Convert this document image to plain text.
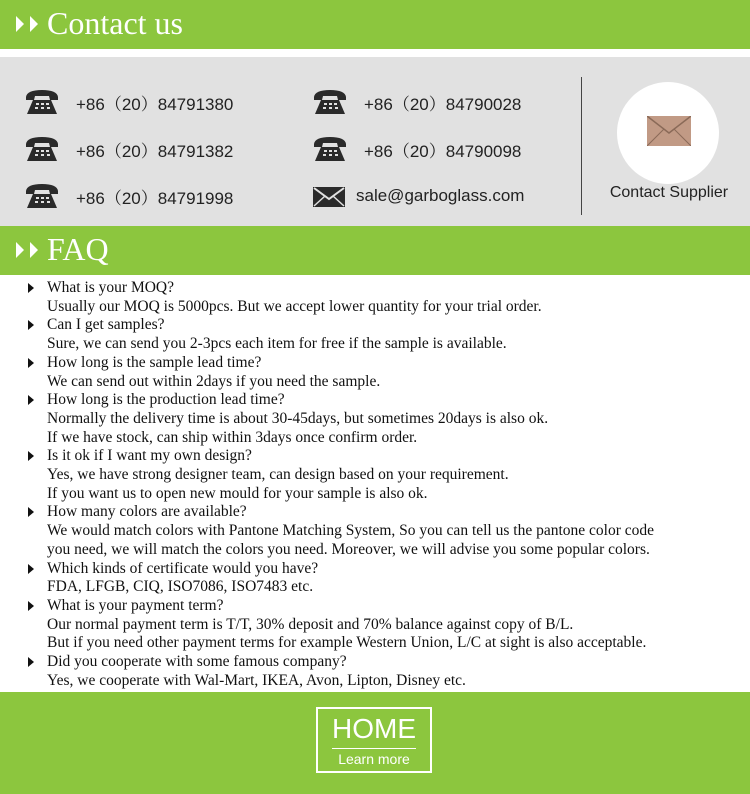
Contact us
+86（20）84791380
+86（20）84791382
+86（20）84791998
+86（20）84790028
+86（20）84790098
sale@garboglass.com	Contact Supplier
FAQ
What is your MOQ?
Usually our MOQ is 5000pcs. But we accept lower quantity for your trial order.
Can I get samples?
Sure, we can send you 2-3pcs each item for free if the sample is available.
How long is the sample lead time?
We can send out within 2days if you need the sample.
How long is the production lead time?
Normally the delivery time is about 30-45days, but sometimes 20days is also ok.
If we have stock, can ship within 3days once confirm order.
Is it ok if I want my own design?
Yes, we have strong designer team, can design based on your requirement.
If you want us to open new mould for your sample is also ok.
How many colors are available?
We would match colors with Pantone Matching System, So you can tell us the pantone color code
you need, we will match the colors you need. Moreover, we will advise you some popular colors.
Which kinds of certificate would you have?
FDA, LFGB, CIQ, ISO7086, ISO7483 etc.
What is your payment term?
Our normal payment term is T/T, 30% deposit and 70% balance against copy of B/L.
But if you need other payment terms for example Western Union, L/C at sight is also acceptable.
Did you cooperate with some famous company?
Yes, we cooperate with Wal-Mart, IKEA, Avon, Lipton, Disney etc.
HOME
Learn more
